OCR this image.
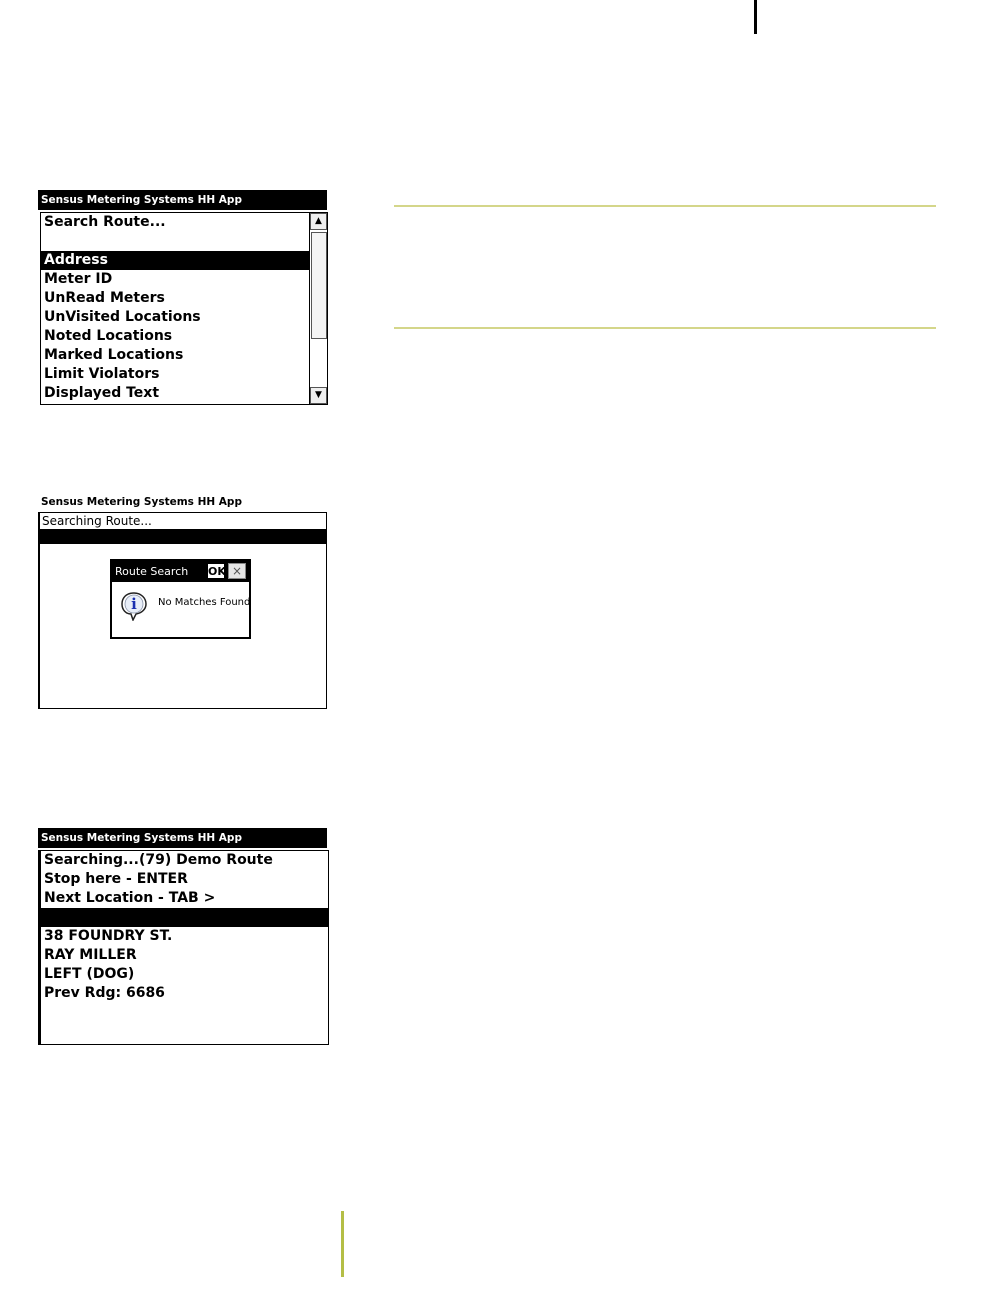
Sensus Metering Systems HH App
Search Route...
Address
Meter ID
UnRead Meters
UnVisited Locations
Noted Locations
Marked Locations
Limit Violators
Displayed Text
▲
▼
Sensus Metering Systems HH App
Searching Route...
Route Search	OK ×
i No Matches Found
Sensus Metering Systems HH App
Searching...(79) Demo Route
Stop here - ENTER
Next Location - TAB >
38 FOUNDRY ST.
RAY MILLER
LEFT (DOG)
Prev Rdg: 6686
